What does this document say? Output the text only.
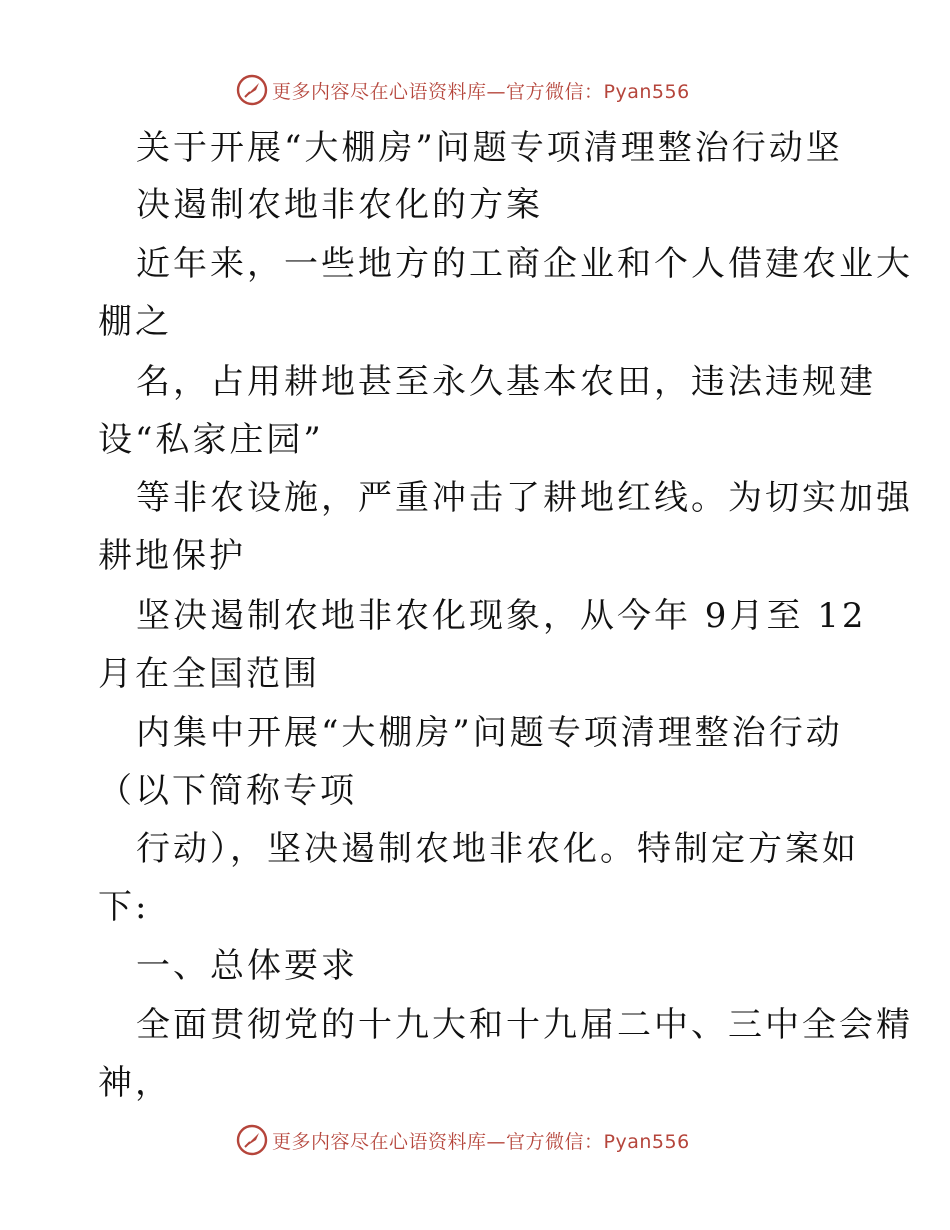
更多内容尽在心语资料库—官方微信：Pyan556
关于开展“大棚房”问题专项清理整治行动坚
决遏制农地非农化的方案
近年来，一些地方的工商企业和个人借建农业大
棚之
名，占用耕地甚至永久基本农田，违法违规建
设“私家庄园”
等非农设施，严重冲击了耕地红线。为切实加强
耕地保护
坚决遏制农地非农化现象，从今年 9月至 12
月在全国范围
内集中开展“大棚房”问题专项清理整治行动
（以下简称专项
行动），坚决遏制农地非农化。特制定方案如
下:
一、总体要求
全面贯彻党的十九大和十九届二中、三中全会精
神，
更多内容尽在心语资料库—官方微信：Pyan556
